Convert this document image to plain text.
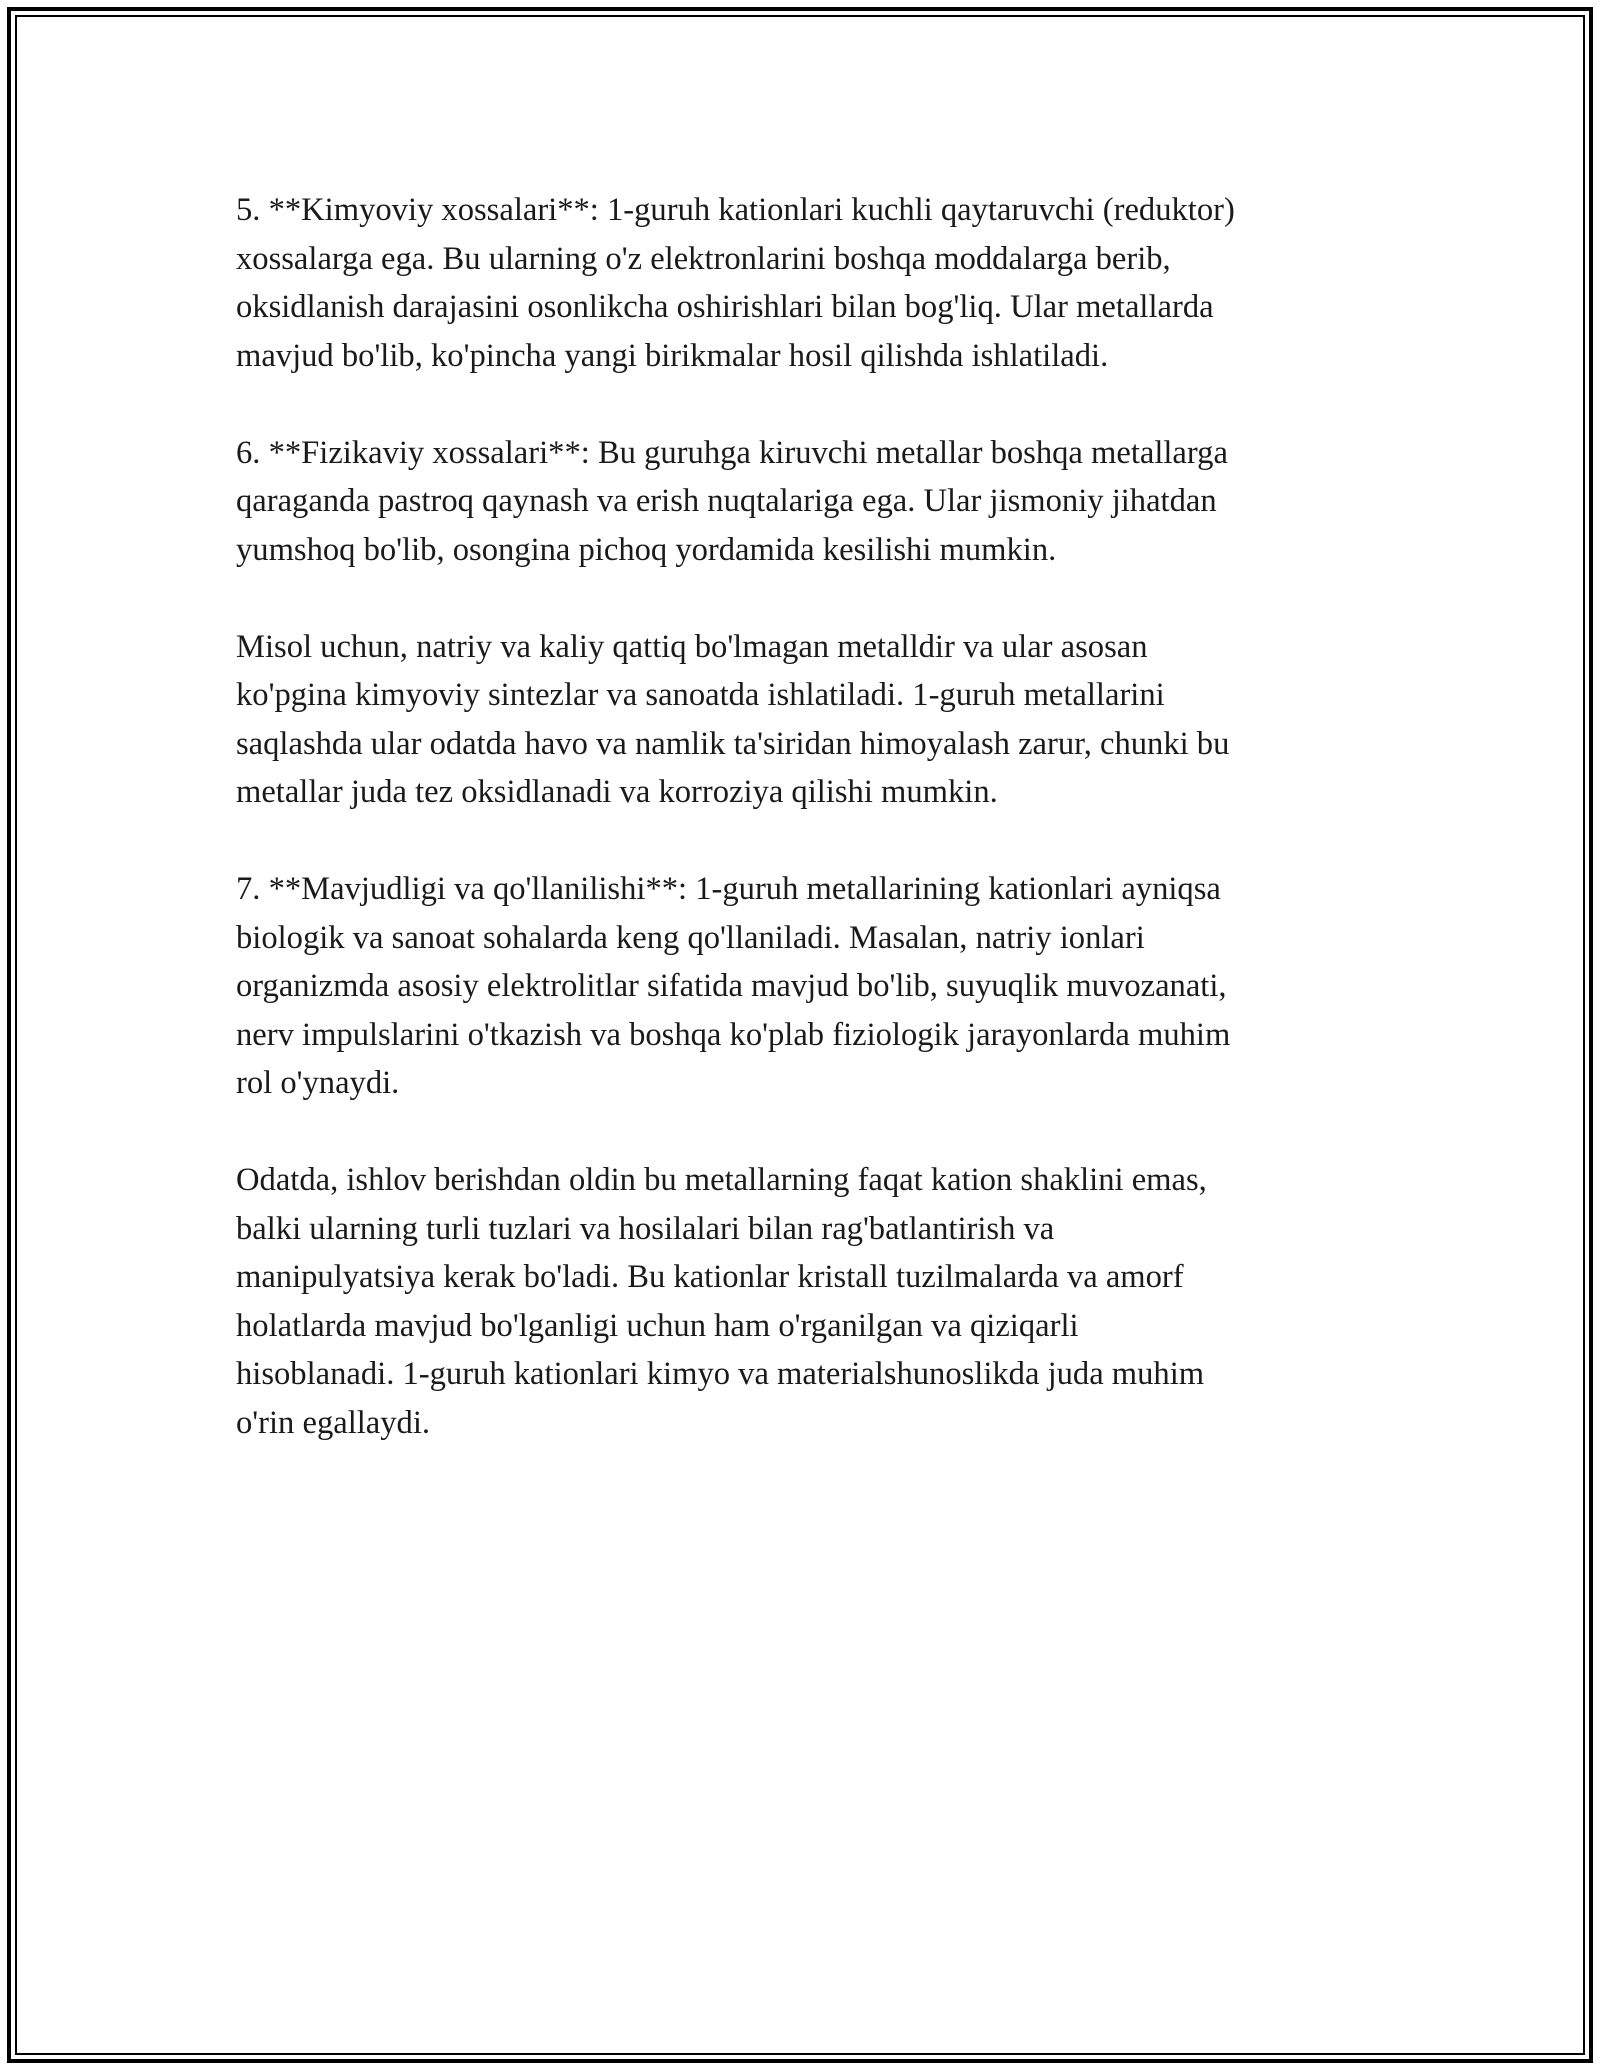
5. **Kimyoviy xossalari**: 1-guruh kationlari kuchli qaytaruvchi (reduktor)
xossalarga ega. Bu ularning o'z elektronlarini boshqa moddalarga berib,
oksidlanish darajasini osonlikcha oshirishlari bilan bog'liq. Ular metallarda
mavjud bo'lib, ko'pincha yangi birikmalar hosil qilishda ishlatiladi.

6. **Fizikaviy xossalari**: Bu guruhga kiruvchi metallar boshqa metallarga
qaraganda pastroq qaynash va erish nuqtalariga ega. Ular jismoniy jihatdan
yumshoq bo'lib, osongina pichoq yordamida kesilishi mumkin.

Misol uchun, natriy va kaliy qattiq bo'lmagan metalldir va ular asosan
ko'pgina kimyoviy sintezlar va sanoatda ishlatiladi. 1-guruh metallarini
saqlashda ular odatda havo va namlik ta'siridan himoyalash zarur, chunki bu
metallar juda tez oksidlanadi va korroziya qilishi mumkin.

7. **Mavjudligi va qo'llanilishi**: 1-guruh metallarining kationlari ayniqsa
biologik va sanoat sohalarda keng qo'llaniladi. Masalan, natriy ionlari
organizmda asosiy elektrolitlar sifatida mavjud bo'lib, suyuqlik muvozanati,
nerv impulslarini o'tkazish va boshqa ko'plab fiziologik jarayonlarda muhim
rol o'ynaydi.

Odatda, ishlov berishdan oldin bu metallarning faqat kation shaklini emas,
balki ularning turli tuzlari va hosilalari bilan rag'batlantirish va
manipulyatsiya kerak bo'ladi. Bu kationlar kristall tuzilmalarda va amorf
holatlarda mavjud bo'lganligi uchun ham o'rganilgan va qiziqarli
hisoblanadi. 1-guruh kationlari kimyo va materialshunoslikda juda muhim
o'rin egallaydi.
